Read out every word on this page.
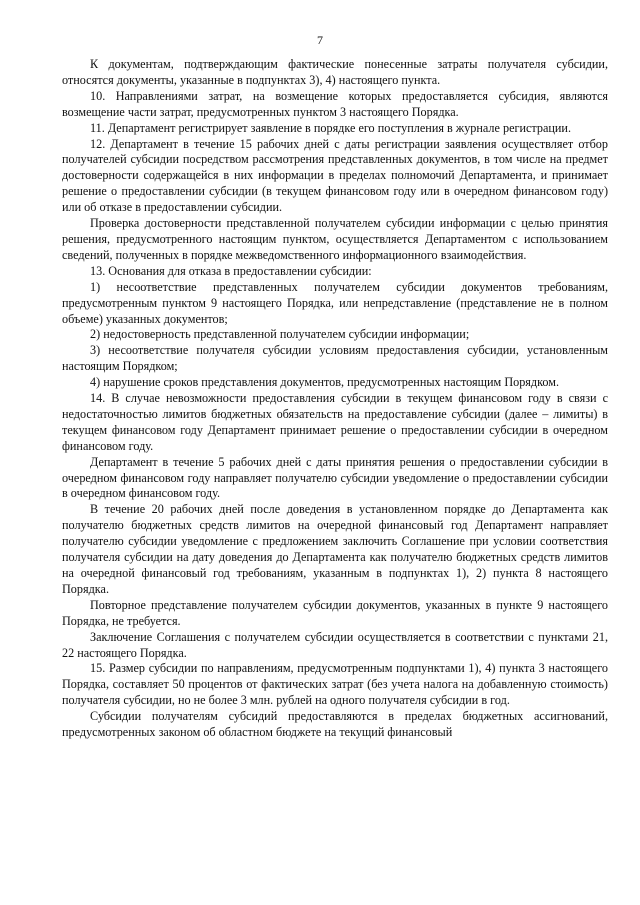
7

К документам, подтверждающим фактические понесенные затраты получателя субсидии, относятся документы, указанные в подпунктах 3), 4) настоящего пункта.

10. Направлениями затрат, на возмещение которых предоставляется субсидия, являются возмещение части затрат, предусмотренных пунктом 3 настоящего Порядка.

11. Департамент регистрирует заявление в порядке его поступления в журнале регистрации.

12. Департамент в течение 15 рабочих дней с даты регистрации заявления осуществляет отбор получателей субсидии посредством рассмотрения представленных документов, в том числе на предмет достоверности содержащейся в них информации в пределах полномочий Департамента, и принимает решение о предоставлении субсидии (в текущем финансовом году или в очередном финансовом году) или об отказе в предоставлении субсидии.

Проверка достоверности представленной получателем субсидии информации с целью принятия решения, предусмотренного настоящим пунктом, осуществляется Департаментом с использованием сведений, полученных в порядке межведомственного информационного взаимодействия.

13. Основания для отказа в предоставлении субсидии:

1) несоответствие представленных получателем субсидии документов требованиям, предусмотренным пунктом 9 настоящего Порядка, или непредставление (представление не в полном объеме) указанных документов;

2) недостоверность представленной получателем субсидии информации;

3) несоответствие получателя субсидии условиям предоставления субсидии, установленным настоящим Порядком;

4) нарушение сроков представления документов, предусмотренных настоящим Порядком.

14. В случае невозможности предоставления субсидии в текущем финансовом году в связи с недостаточностью лимитов бюджетных обязательств на предоставление субсидии (далее – лимиты) в текущем финансовом году Департамент принимает решение о предоставлении субсидии в очередном финансовом году.

Департамент в течение 5 рабочих дней с даты принятия решения о предоставлении субсидии в очередном финансовом году направляет получателю субсидии уведомление о предоставлении субсидии в очередном финансовом году.

В течение 20 рабочих дней после доведения в установленном порядке до Департамента как получателю бюджетных средств лимитов на очередной финансовый год Департамент направляет получателю субсидии уведомление с предложением заключить Соглашение при условии соответствия получателя субсидии на дату доведения до Департамента как получателю бюджетных средств лимитов на очередной финансовый год требованиям, указанным в подпунктах 1), 2) пункта 8 настоящего Порядка.

Повторное представление получателем субсидии документов, указанных в пункте 9 настоящего Порядка, не требуется.

Заключение Соглашения с получателем субсидии осуществляется в соответствии с пунктами 21, 22 настоящего Порядка.

15. Размер субсидии по направлениям, предусмотренным подпунктами 1), 4) пункта 3 настоящего Порядка, составляет 50 процентов от фактических затрат (без учета налога на добавленную стоимость) получателя субсидии, но не более 3 млн. рублей на одного получателя субсидии в год.

Субсидии получателям субсидий предоставляются в пределах бюджетных ассигнований, предусмотренных законом об областном бюджете на текущий финансовый
